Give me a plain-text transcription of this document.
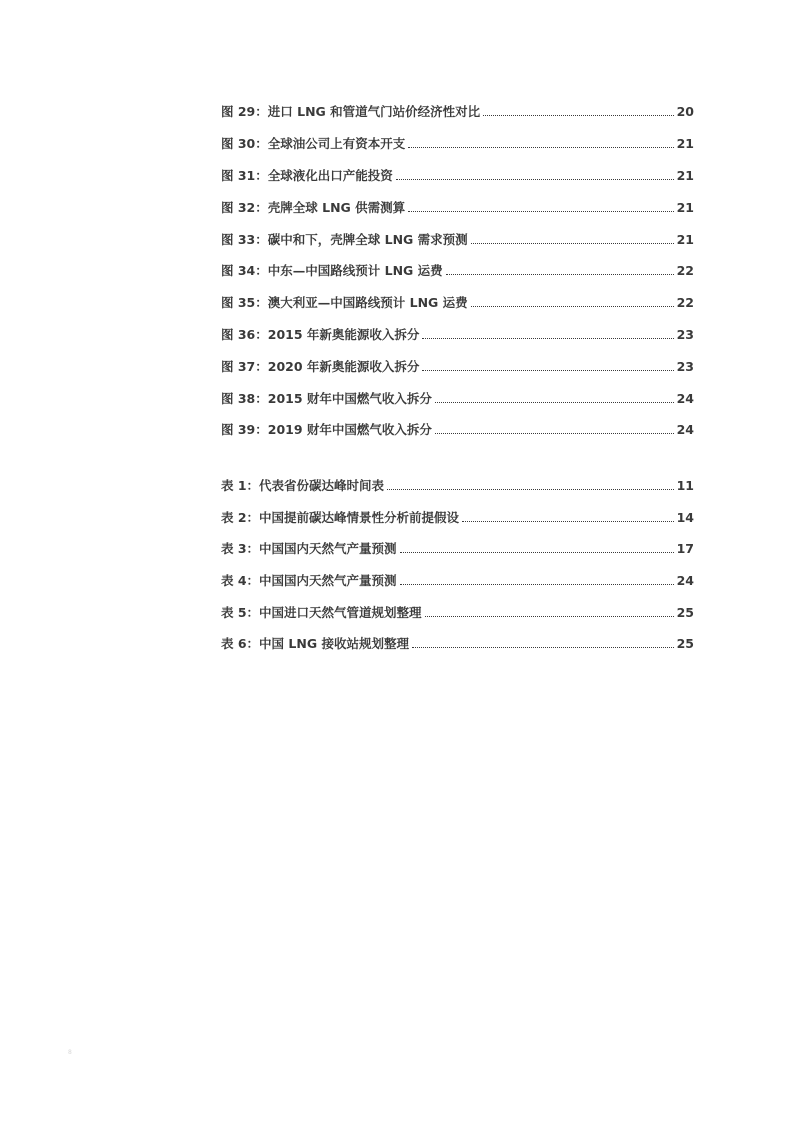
图 29：进口 LNG 和管道气门站价经济性对比	20
图 30：全球油公司上有资本开支	21
图 31：全球液化出口产能投资	21
图 32：壳牌全球 LNG 供需测算	21
图 33：碳中和下，壳牌全球 LNG 需求预测	21
图 34：中东—中国路线预计 LNG 运费	22
图 35：澳大利亚—中国路线预计 LNG 运费	22
图 36：2015 年新奥能源收入拆分	23
图 37：2020 年新奥能源收入拆分	23
图 38：2015 财年中国燃气收入拆分	24
图 39：2019 财年中国燃气收入拆分	24
表 1：代表省份碳达峰时间表	11
表 2：中国提前碳达峰情景性分析前提假设	14
表 3：中国国内天然气产量预测	17
表 4：中国国内天然气产量预测	24
表 5：中国进口天然气管道规划整理	25
表 6：中国 LNG 接收站规划整理	25
8
